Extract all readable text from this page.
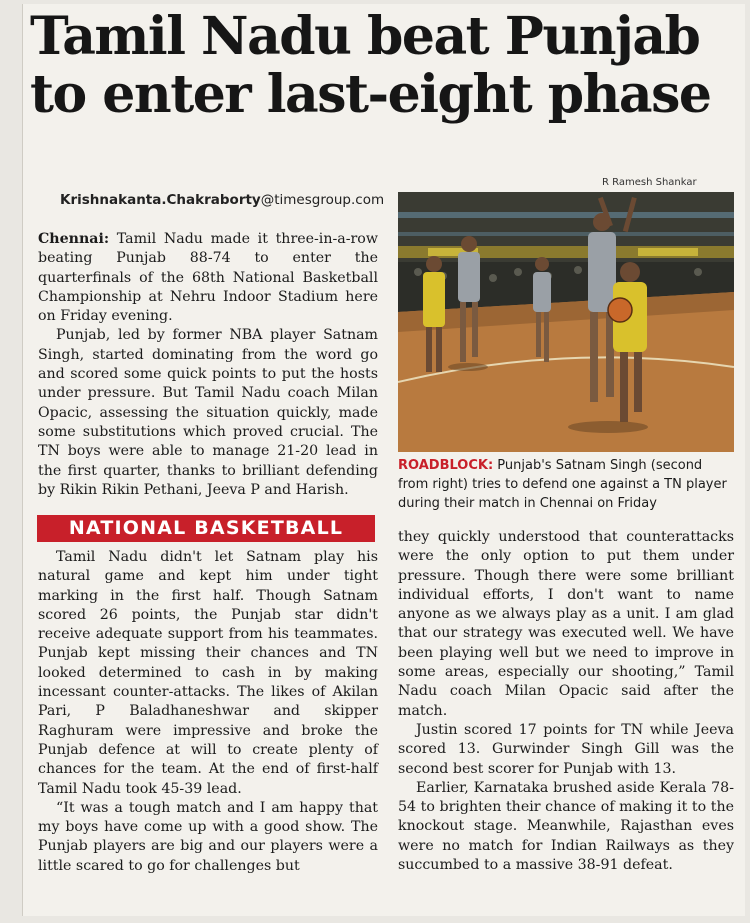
Tamil Nadu beat Punjab to enter last-eight phase
Krishnakanta.Chakraborty@timesgroup.com
R Ramesh Shankar
ROADBLOCK: Punjab's Satnam Singh (second from right) tries to defend one against a TN player during their match in Chennai on Friday

Chennai: Tamil Nadu made it three-in-a-row beating Punjab 88-74 to enter the quarterfinals of the 68th National Basketball Championship at Nehru Indoor Stadium here on Friday evening.

Punjab, led by former NBA player Satnam Singh, started dominating from the word go and scored some quick points to put the hosts under pressure. But Tamil Nadu coach Milan Opacic, assessing the situation quickly, made some substitutions which proved crucial. The TN boys were able to manage 21-20 lead in the first quarter, thanks to brilliant defending by Rikin Rikin Pethani, Jeeva P and Harish.

NATIONAL BASKETBALL

Tamil Nadu didn't let Satnam play his natural game and kept him under tight marking in the first half. Though Satnam scored 26 points, the Punjab star didn't receive adequate support from his teammates. Punjab kept missing their chances and TN looked determined to cash in by making incessant counter-attacks. The likes of Akilan Pari, P Baladhaneshwar and skipper Raghuram were impressive and broke the Punjab defence at will to create plenty of chances for the team. At the end of first-half Tamil Nadu took 45-39 lead.

“It was a tough match and I am happy that my boys have come up with a good show. The Punjab players are big and our players were a little scared to go for challenges but

they quickly understood that counterattacks were the only option to put them under pressure. Though there were some brilliant individual efforts, I don't want to name anyone as we always play as a unit. I am glad that our strategy was executed well. We have been playing well but we need to improve in some areas, especially our shooting,” Tamil Nadu coach Milan Opacic said after the match.

Justin scored 17 points for TN while Jeeva scored 13. Gurwinder Singh Gill was the second best scorer for Punjab with 13.

Earlier, Karnataka brushed aside Kerala 78-54 to brighten their chance of making it to the knockout stage. Meanwhile, Rajasthan eves were no match for Indian Railways as they succumbed to a massive 38-91 defeat.
